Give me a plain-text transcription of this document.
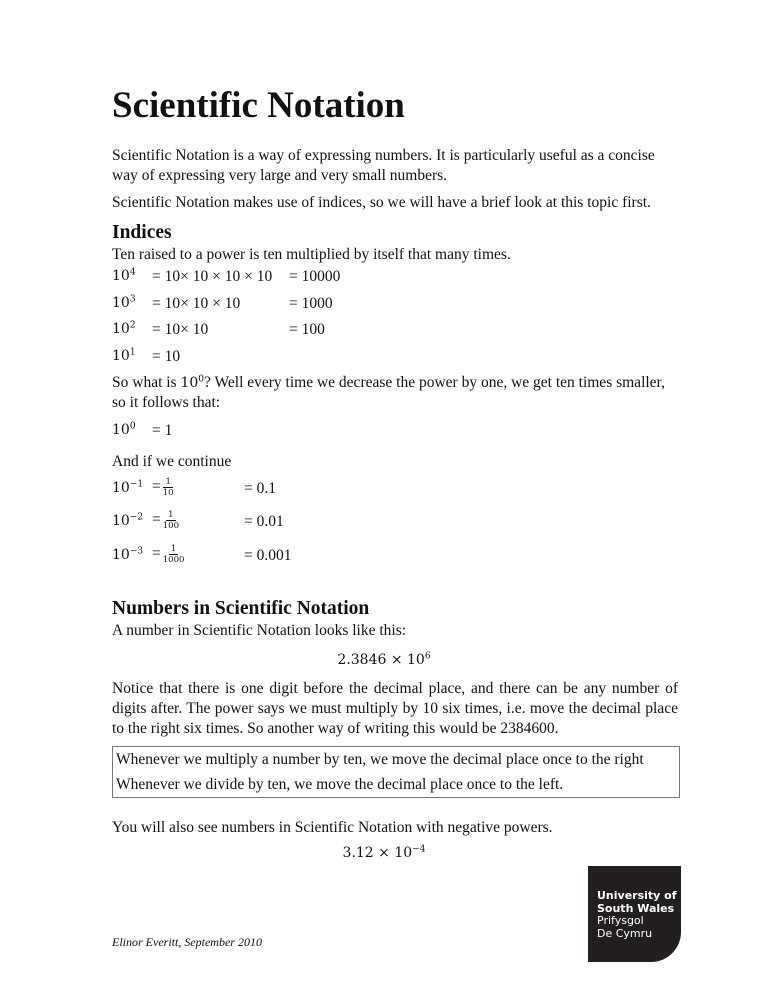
Scientific Notation
Scientific Notation is a way of expressing numbers. It is particularly useful as a concise way of expressing very large and very small numbers.
Scientific Notation makes use of indices, so we will have a brief look at this topic first.
Indices
Ten raised to a power is ten multiplied by itself that many times.
$10^4 = 10\times 10 \times 10 \times 10 = 10000$
$10^3 = 10\times 10 \times 10$	= 1000
$10^2 = 10\times 10$	= 100
$10^1 = 10$
So what is $10^0$? Well every time we decrease the power by one, we get ten times smaller, so it follows that:
$10^0 = 1$
And if we continue
$10^{-1} = \frac{1}{10}$	= 0.1
$10^{-2} = \frac{1}{100}$	= 0.01
$10^{-3} = \frac{1}{1000}$	= 0.001
Numbers in Scientific Notation
A number in Scientific Notation looks like this:
$2.3846 \times 10^6$
Notice that there is one digit before the decimal place, and there can be any number of digits after. The power says we must multiply by 10 six times, i.e. move the decimal place to the right six times. So another way of writing this would be 2384600.
Whenever we multiply a number by ten, we move the decimal place once to the right
Whenever we divide by ten, we move the decimal place once to the left.
You will also see numbers in Scientific Notation with negative powers.
$3.12 \times 10^{-4}$
Elinor Everitt, September 2010
University of
South Wales
Prifysgol
De Cymru
